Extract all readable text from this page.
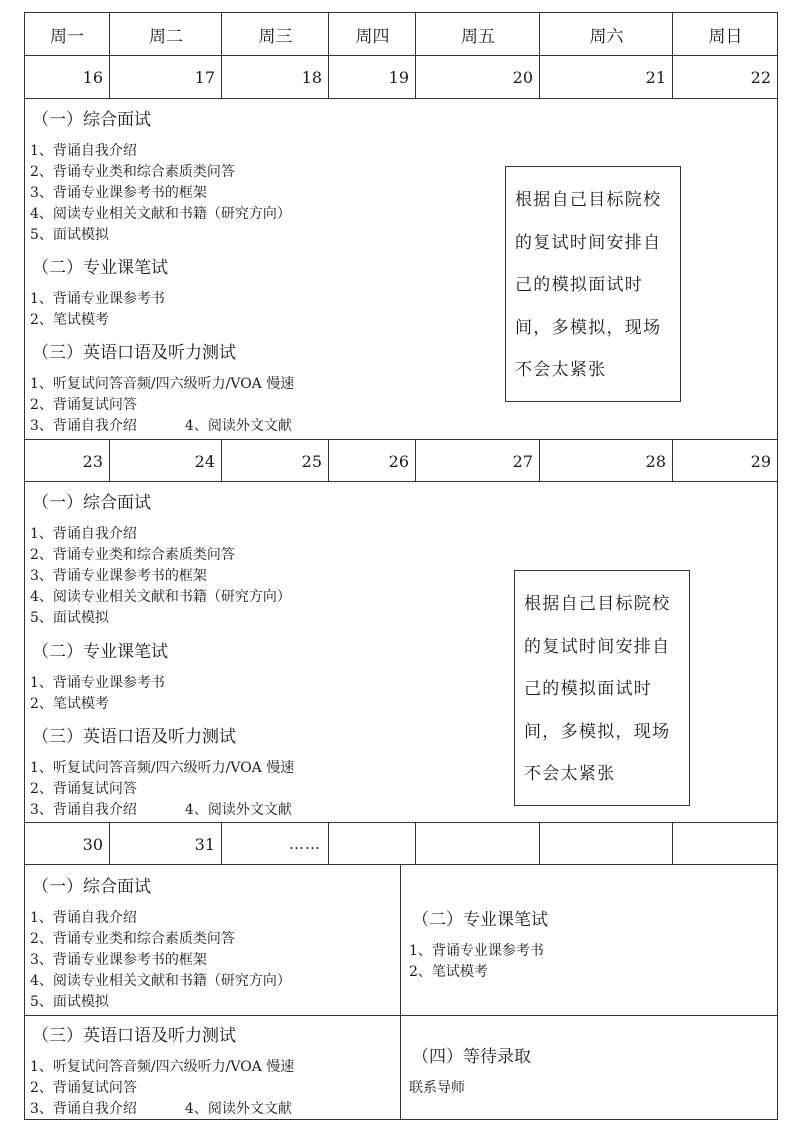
周一	周二	周三	周四	周五	周六	周日
16	17	18	19	20	21	22
（一）综合面试
1、背诵自我介绍
2、背诵专业类和综合素质类问答
3、背诵专业课参考书的框架
4、阅读专业相关文献和书籍（研究方向）
5、面试模拟
（二）专业课笔试
1、背诵专业课参考书
2、笔试模考
（三）英语口语及听力测试
1、听复试问答音频/四六级听力/VOA 慢速
2、背诵复试问答
3、背诵自我介绍	4、阅读外文文献
根据自己目标院校
的复试时间安排自
己的模拟面试时
间，多模拟，现场
不会太紧张
23	24	25	26	27	28	29
（一）综合面试
1、背诵自我介绍
2、背诵专业类和综合素质类问答
3、背诵专业课参考书的框架
4、阅读专业相关文献和书籍（研究方向）
5、面试模拟
（二）专业课笔试
1、背诵专业课参考书
2、笔试模考
（三）英语口语及听力测试
1、听复试问答音频/四六级听力/VOA 慢速
2、背诵复试问答
3、背诵自我介绍	4、阅读外文文献
根据自己目标院校
的复试时间安排自
己的模拟面试时
间，多模拟，现场
不会太紧张
30	31	……
（一）综合面试
1、背诵自我介绍
2、背诵专业类和综合素质类问答
3、背诵专业课参考书的框架
4、阅读专业相关文献和书籍（研究方向）
5、面试模拟
（二）专业课笔试
1、背诵专业课参考书
2、笔试模考
（三）英语口语及听力测试
1、听复试问答音频/四六级听力/VOA 慢速
2、背诵复试问答
3、背诵自我介绍	4、阅读外文文献
（四）等待录取
联系导师
